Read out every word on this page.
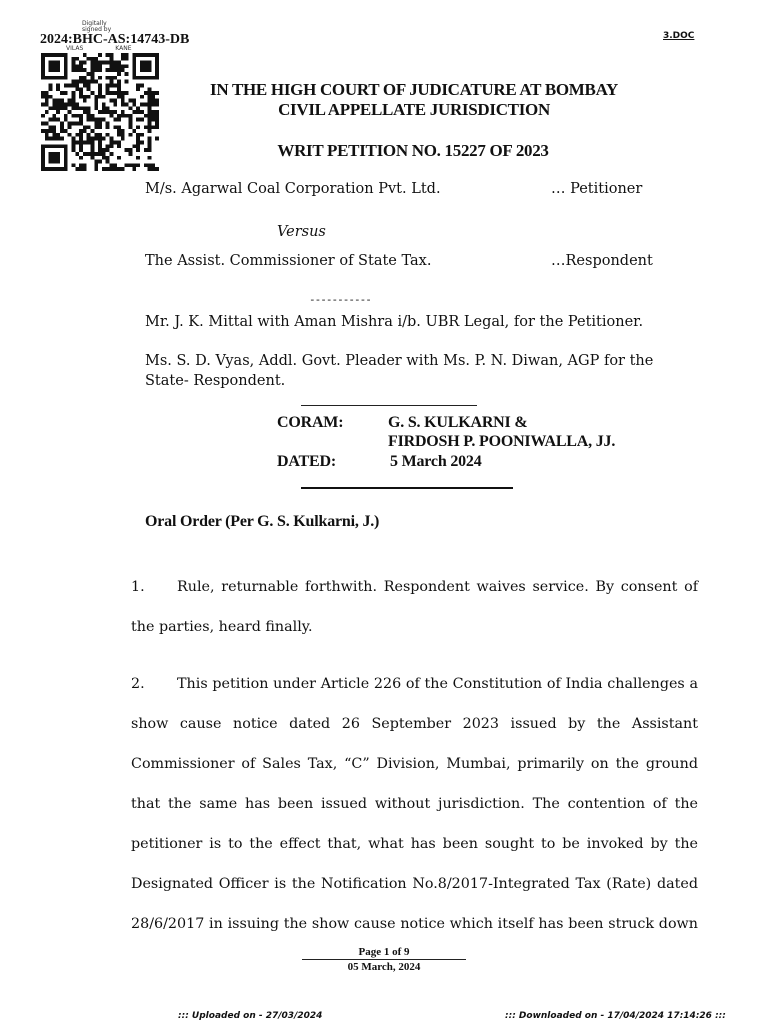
Digitally
signed by
VILAS	KANE
2024:BHC-AS:14743-DB	3.DOC
IN THE HIGH COURT OF JUDICATURE AT BOMBAY
CIVIL APPELLATE JURISDICTION
WRIT PETITION NO. 15227 OF 2023
M/s. Agarwal Coal Corporation Pvt. Ltd.	… Petitioner
Versus
The Assist. Commissioner of State Tax.	…Respondent
-----------
Mr. J. K. Mittal with Aman Mishra i/b. UBR Legal, for the Petitioner.
Ms. S. D. Vyas, Addl. Govt. Pleader with Ms. P. N. Diwan, AGP for the
State- Respondent.
CORAM:	G. S. KULKARNI &
FIRDOSH P. POONIWALLA, JJ.
DATED:	5 March 2024
Oral Order (Per G. S. Kulkarni, J.)
1. Rule, returnable forthwith. Respondent waives service. By consent of
the parties, heard finally.
2. This petition under Article 226 of the Constitution of India challenges a
show cause notice dated 26 September 2023 issued by the Assistant
Commissioner of Sales Tax, “C” Division, Mumbai, primarily on the ground
that the same has been issued without jurisdiction. The contention of the
petitioner is to the effect that, what has been sought to be invoked by the
Designated Officer is the Notification No.8/2017-Integrated Tax (Rate) dated
28/6/2017 in issuing the show cause notice which itself has been struck down
Page 1 of 9
05 March, 2024
::: Uploaded on - 27/03/2024	::: Downloaded on - 17/04/2024 17:14:26 :::
